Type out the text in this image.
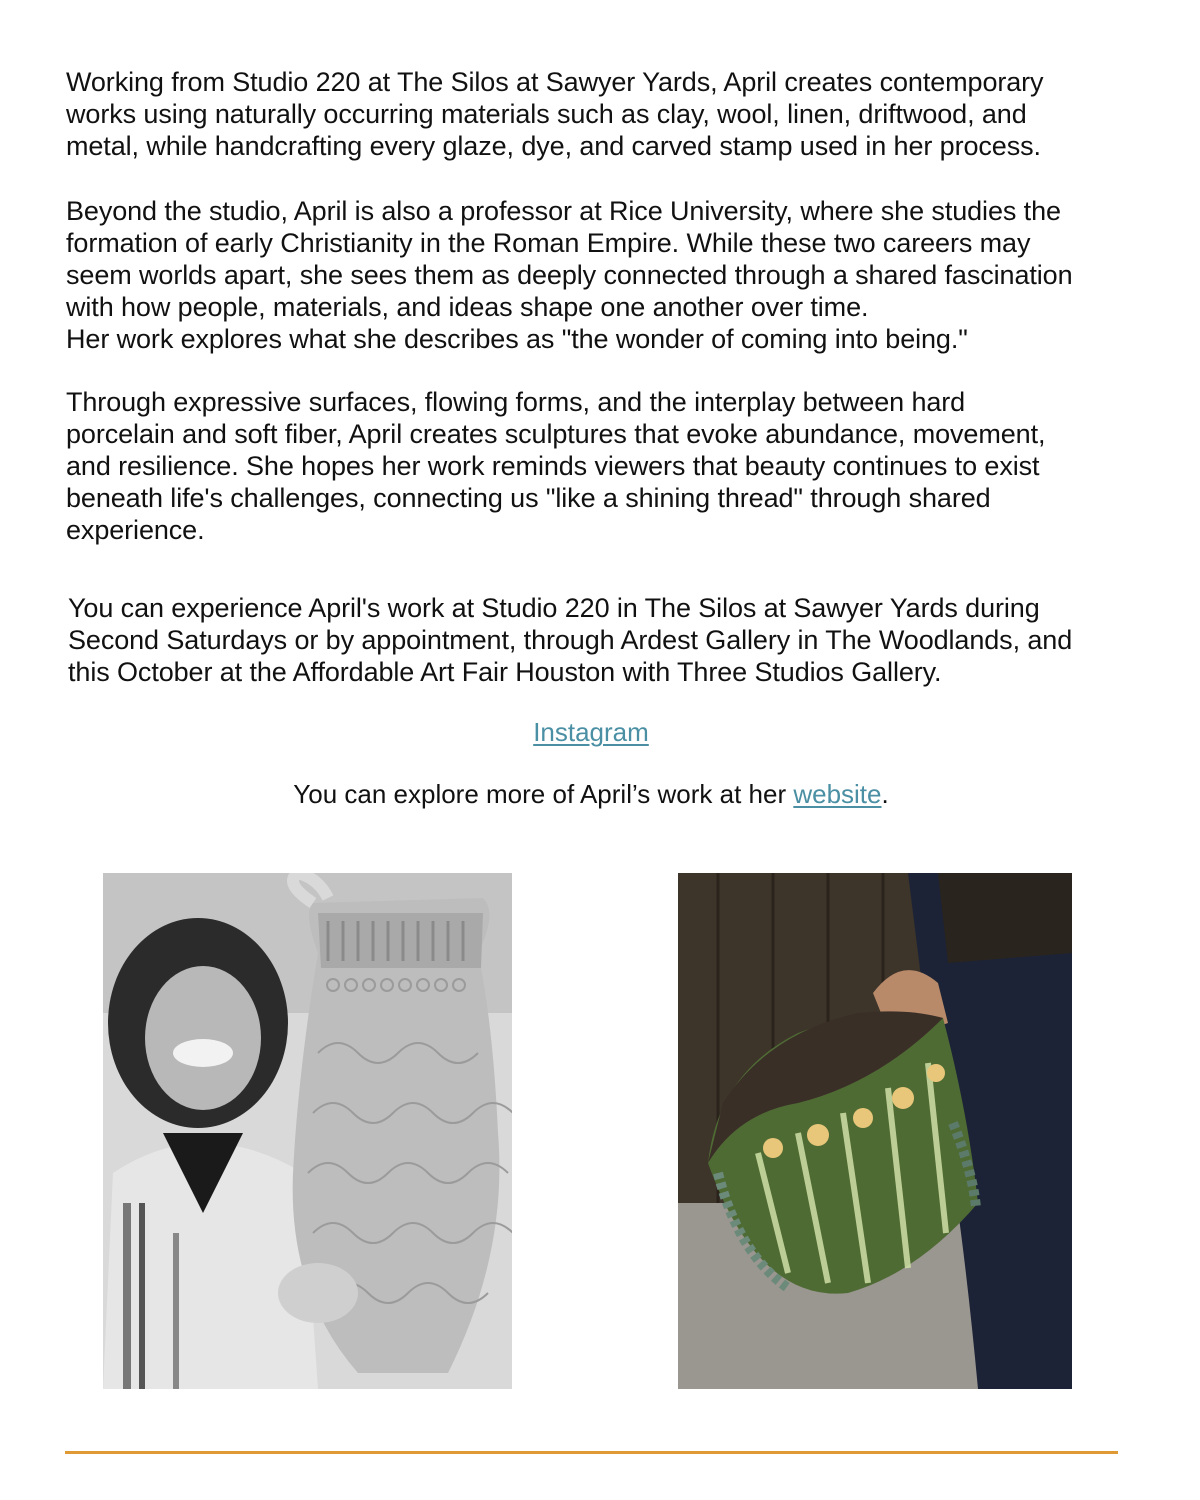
Working from Studio 220 at The Silos at Sawyer Yards, April creates contemporary
works using naturally occurring materials such as clay, wool, linen, driftwood, and
metal, while handcrafting every glaze, dye, and carved stamp used in her process.
Beyond the studio, April is also a professor at Rice University, where she studies the
formation of early Christianity in the Roman Empire. While these two careers may
seem worlds apart, she sees them as deeply connected through a shared fascination
with how people, materials, and ideas shape one another over time.
Her work explores what she describes as "the wonder of coming into being."
Through expressive surfaces, flowing forms, and the interplay between hard
porcelain and soft fiber, April creates sculptures that evoke abundance, movement,
and resilience. She hopes her work reminds viewers that beauty continues to exist
beneath life's challenges, connecting us "like a shining thread" through shared
experience.
You can experience April's work at Studio 220 in The Silos at Sawyer Yards during
Second Saturdays or by appointment, through Ardest Gallery in The Woodlands, and
this October at the Affordable Art Fair Houston with Three Studios Gallery.
Instagram
You can explore more of April’s work at her website.
